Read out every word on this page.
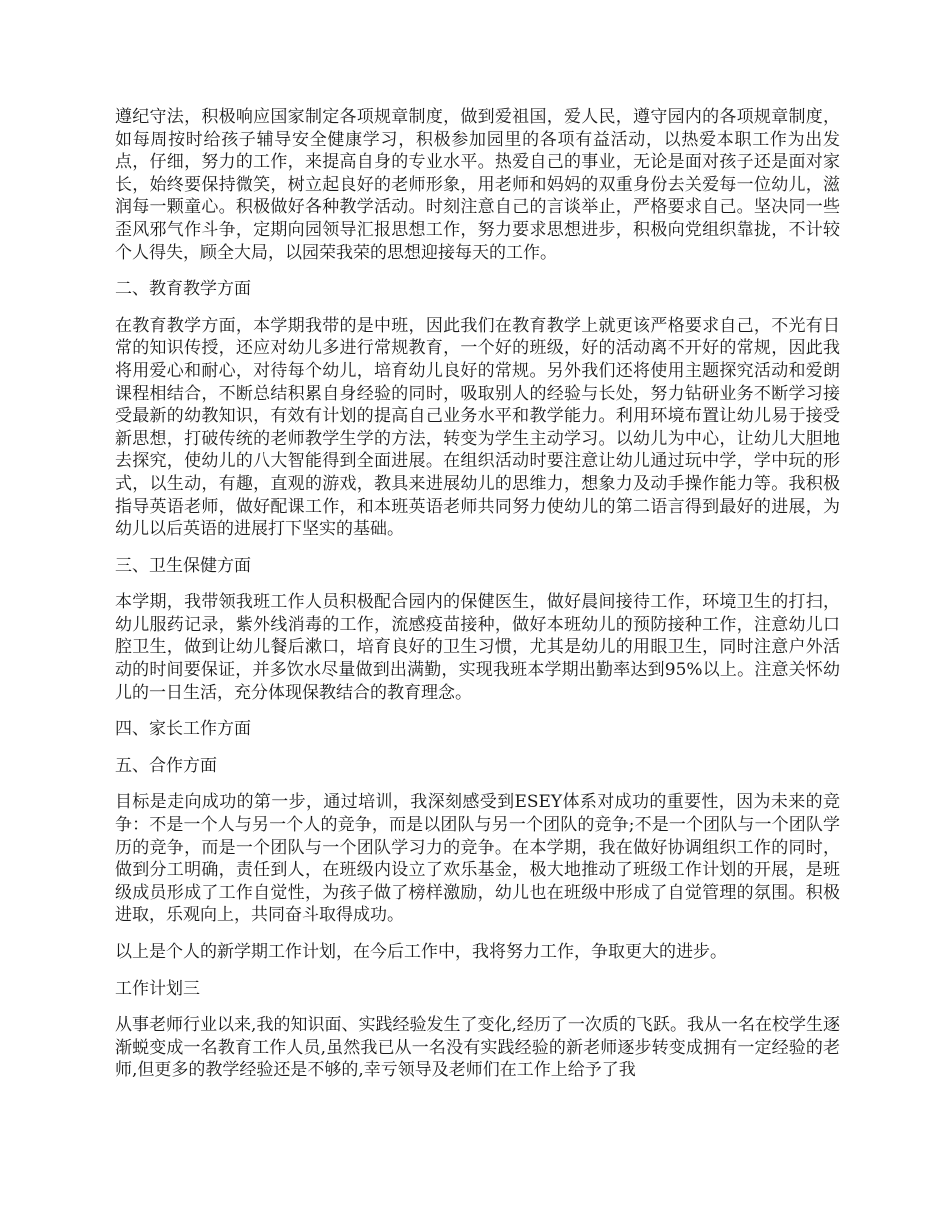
遵纪守法，积极响应国家制定各项规章制度，做到爱祖国，爱人民，遵守园内的各项规章制度，如每周按时给孩子辅导安全健康学习，积极参加园里的各项有益活动，以热爱本职工作为出发点，仔细，努力的工作，来提高自身的专业水平。热爱自己的事业，无论是面对孩子还是面对家长，始终要保持微笑，树立起良好的老师形象，用老师和妈妈的双重身份去关爱每一位幼儿，滋润每一颗童心。积极做好各种教学活动。时刻注意自己的言谈举止，严格要求自己。坚决同一些歪风邪气作斗争，定期向园领导汇报思想工作，努力要求思想进步，积极向党组织靠拢，不计较个人得失，顾全大局，以园荣我荣的思想迎接每天的工作。

二、教育教学方面

在教育教学方面，本学期我带的是中班，因此我们在教育教学上就更该严格要求自己，不光有日常的知识传授，还应对幼儿多进行常规教育，一个好的班级，好的活动离不开好的常规，因此我将用爱心和耐心，对待每个幼儿，培育幼儿良好的常规。另外我们还将使用主题探究活动和爱朗课程相结合，不断总结积累自身经验的同时，吸取别人的经验与长处，努力钻研业务不断学习接受最新的幼教知识，有效有计划的提高自己业务水平和教学能力。利用环境布置让幼儿易于接受新思想，打破传统的老师教学生学的方法，转变为学生主动学习。以幼儿为中心，让幼儿大胆地去探究，使幼儿的八大智能得到全面进展。在组织活动时要注意让幼儿通过玩中学，学中玩的形式，以生动，有趣，直观的游戏，教具来进展幼儿的思维力，想象力及动手操作能力等。我积极指导英语老师，做好配课工作，和本班英语老师共同努力使幼儿的第二语言得到最好的进展，为幼儿以后英语的进展打下坚实的基础。

三、卫生保健方面

本学期，我带领我班工作人员积极配合园内的保健医生，做好晨间接待工作，环境卫生的打扫，幼儿服药记录，紫外线消毒的工作，流感疫苗接种，做好本班幼儿的预防接种工作，注意幼儿口腔卫生，做到让幼儿餐后漱口，培育良好的卫生习惯，尤其是幼儿的用眼卫生，同时注意户外活动的时间要保证，并多饮水尽量做到出满勤，实现我班本学期出勤率达到95%以上。注意关怀幼儿的一日生活，充分体现保教结合的教育理念。

四、家长工作方面

五、合作方面

目标是走向成功的第一步，通过培训，我深刻感受到ESEY体系对成功的重要性，因为未来的竞争：不是一个人与另一个人的竞争，而是以团队与另一个团队的竞争;不是一个团队与一个团队学历的竞争，而是一个团队与一个团队学习力的竞争。在本学期，我在做好协调组织工作的同时，做到分工明确，责任到人，在班级内设立了欢乐基金，极大地推动了班级工作计划的开展，是班级成员形成了工作自觉性，为孩子做了榜样激励，幼儿也在班级中形成了自觉管理的氛围。积极进取，乐观向上，共同奋斗取得成功。

以上是个人的新学期工作计划，在今后工作中，我将努力工作，争取更大的进步。

工作计划三

从事老师行业以来,我的知识面、实践经验发生了变化,经历了一次质的飞跃。我从一名在校学生逐渐蜕变成一名教育工作人员,虽然我已从一名没有实践经验的新老师逐步转变成拥有一定经验的老师,但更多的教学经验还是不够的,幸亏领导及老师们在工作上给予了我
